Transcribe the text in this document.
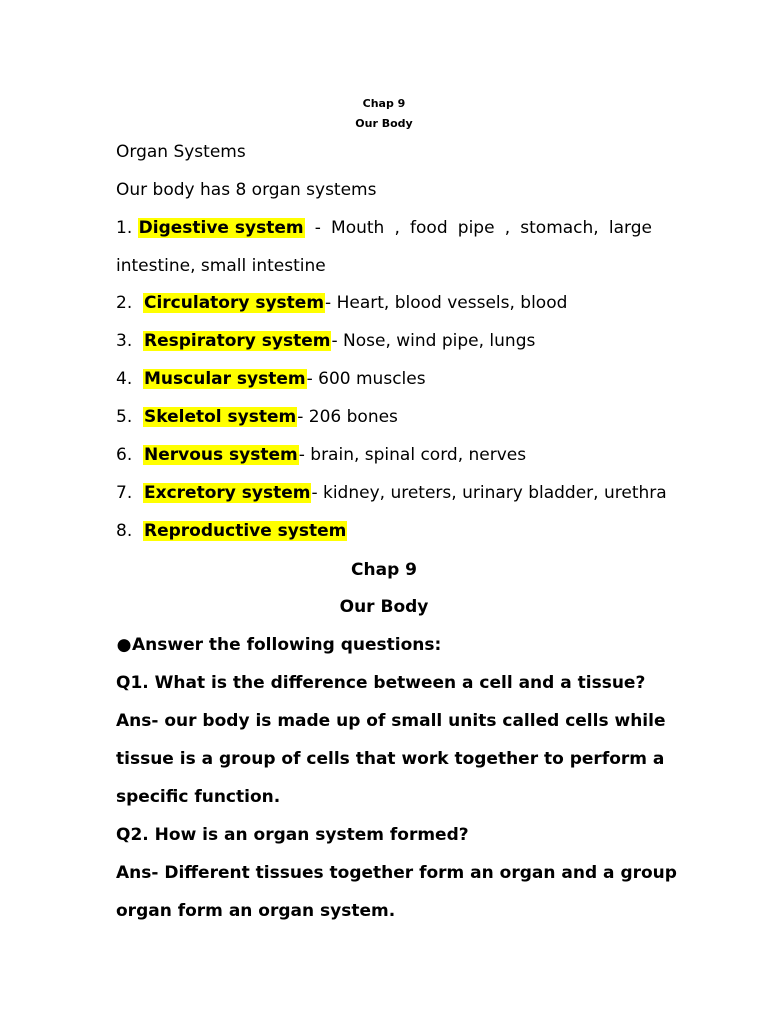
Chap 9
Our Body
Organ Systems
Our body has 8 organ systems
1. Digestive system - Mouth , food pipe , stomach, large
intestine, small intestine
2. Circulatory system- Heart, blood vessels, blood
3. Respiratory system- Nose, wind pipe, lungs
4. Muscular system- 600 muscles
5. Skeletol system- 206 bones
6. Nervous system- brain, spinal cord, nerves
7. Excretory system- kidney, ureters, urinary bladder, urethra
8. Reproductive system
Chap 9
Our Body
●Answer the following questions:
Q1. What is the difference between a cell and a tissue?
Ans- our body is made up of small units called cells while
tissue is a group of cells that work together to perform a
specific function.
Q2. How is an organ system formed?
Ans- Different tissues together form an organ and a group
organ form an organ system.
